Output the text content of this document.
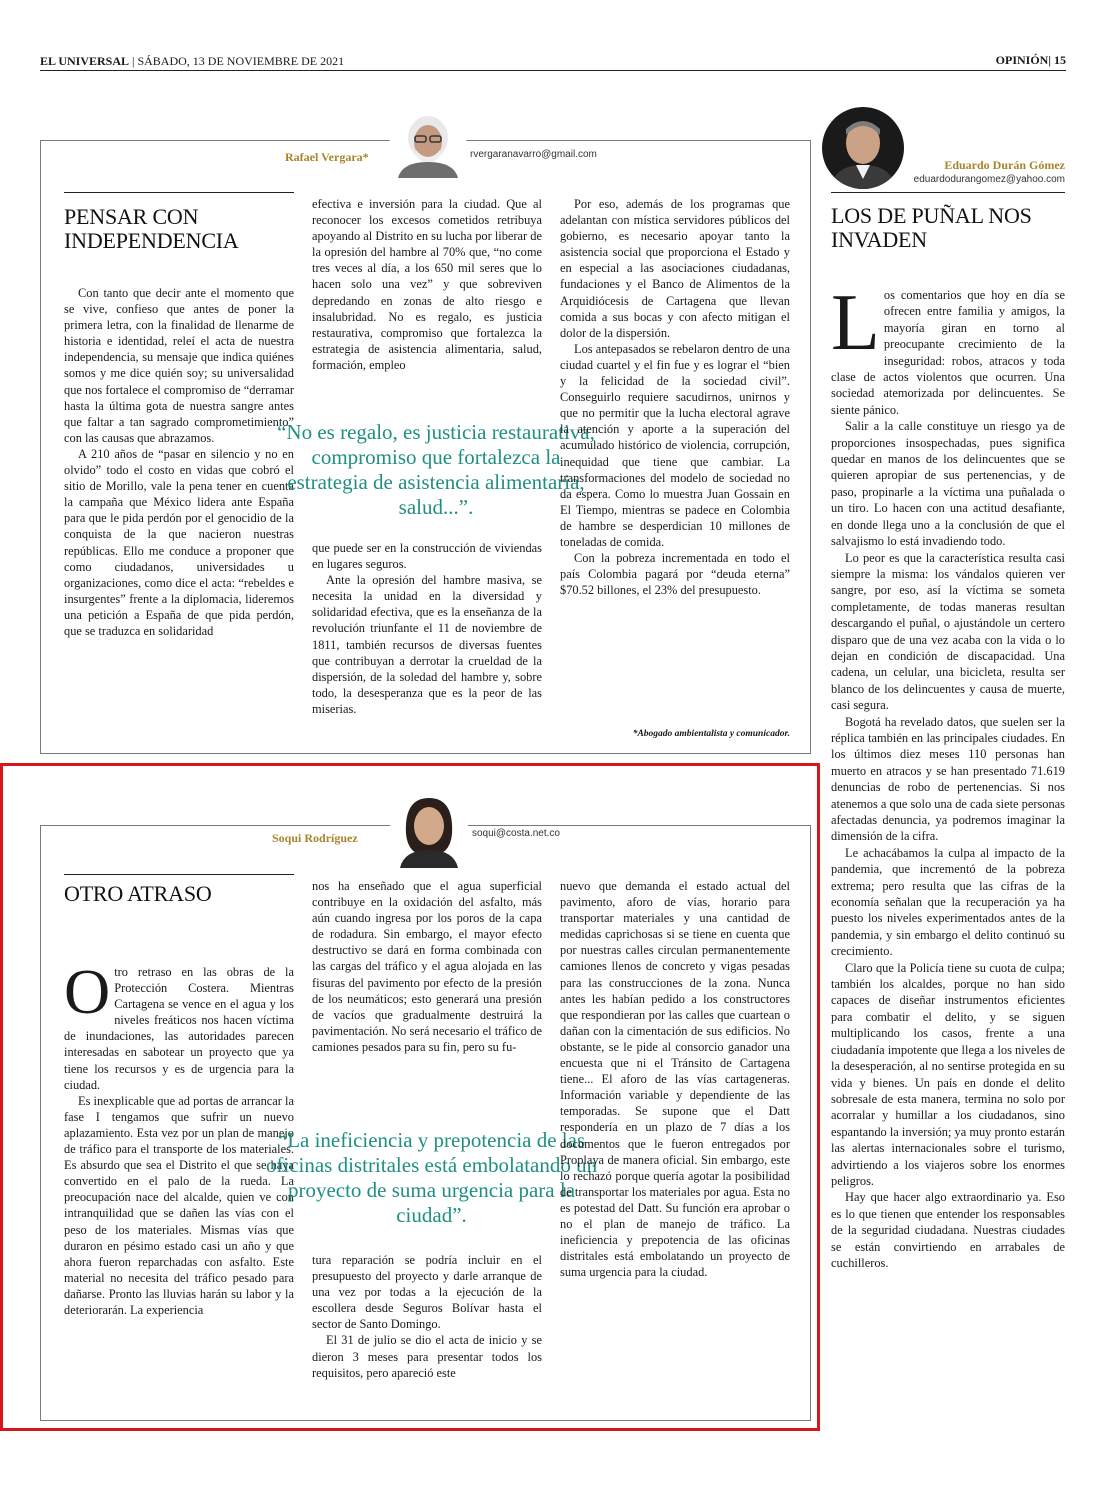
EL UNIVERSAL | SÁBADO, 13 DE NOVIEMBRE DE 2021	OPINIÓN| 15
Rafael Vergara*	rvergaranavarro@gmail.com
PENSAR CON INDEPENDENCIA

Con tanto que decir ante el momento que se vive, confieso que antes de poner la primera letra, con la finalidad de llenarme de historia e identidad, releí el acta de nuestra independencia, su mensaje que indica quiénes somos y me dice quién soy; su universalidad que nos fortalece el compromiso de “derramar hasta la última gota de nuestra sangre antes que faltar a tan sagrado comprometimiento” con las causas que abrazamos.

A 210 años de “pasar en silencio y no en olvido” todo el costo en vidas que cobró el sitio de Morillo, vale la pena tener en cuenta la campaña que México lidera ante España para que le pida perdón por el genocidio de la conquista de la que nacieron nuestras repúblicas. Ello me conduce a proponer que como ciudadanos, universidades u organizaciones, como dice el acta: “rebeldes e insurgentes” frente a la diplomacia, lideremos una petición a España de que pida perdón, que se traduzca en solidaridad

efectiva e inversión para la ciudad. Que al reconocer los excesos cometidos retribuya apoyando al Distrito en su lucha por liberar de la opresión del hambre al 70% que, “no come tres veces al día, a los 650 mil seres que lo hacen solo una vez” y que sobreviven depredando en zonas de alto riesgo e insalubridad. No es regalo, es justicia restaurativa, compromiso que fortalezca la estrategia de asistencia alimentaria, salud, formación, empleo

“No es regalo, es justicia restaurativa, compromiso que fortalezca la estrategia de asistencia alimentaria, salud...”.

que puede ser en la construcción de viviendas en lugares seguros.

Ante la opresión del hambre masiva, se necesita la unidad en la diversidad y solidaridad efectiva, que es la enseñanza de la revolución triunfante el 11 de noviembre de 1811, también recursos de diversas fuentes que contribuyan a derrotar la crueldad de la dispersión, de la soledad del hambre y, sobre todo, la desesperanza que es la peor de las miserias.

Por eso, además de los programas que adelantan con mística servidores públicos del gobierno, es necesario apoyar tanto la asistencia social que proporciona el Estado y en especial a las asociaciones ciudadanas, fundaciones y el Banco de Alimentos de la Arquidiócesis de Cartagena que llevan comida a sus bocas y con afecto mitigan el dolor de la dispersión.

Los antepasados se rebelaron dentro de una ciudad cuartel y el fin fue y es lograr el “bien y la felicidad de la sociedad civil”. Conseguirlo requiere sacudirnos, unirnos y que no permitir que la lucha electoral agrave la atención y aporte a la superación del acumulado histórico de violencia, corrupción, inequidad que tiene que cambiar. La transformaciones del modelo de sociedad no da espera. Como lo muestra Juan Gossain en El Tiempo, mientras se padece en Colombia de hambre se desperdician 10 millones de toneladas de comida.

Con la pobreza incrementada en todo el país Colombia pagará por “deuda eterna” $70.52 billones, el 23% del presupuesto.

*Abogado ambientalista y comunicador.
Eduardo Durán Gómez
eduardodurangomez@yahoo.com
LOS DE PUÑAL NOS INVADEN
L os comentarios que hoy en día se ofrecen entre familia y amigos, la mayoría giran en torno al preocupante crecimiento de la inseguridad: robos, atracos y toda clase de actos violentos que ocurren. Una sociedad atemorizada por delincuentes. Se siente pánico.

Salir a la calle constituye un riesgo ya de proporciones insospechadas, pues significa quedar en manos de los delincuentes que se quieren apropiar de sus pertenencias, y de paso, propinarle a la víctima una puñalada o un tiro. Lo hacen con una actitud desafiante, en donde llega uno a la conclusión de que el salvajismo lo está invadiendo todo.

Lo peor es que la característica resulta casi siempre la misma: los vándalos quieren ver sangre, por eso, así la víctima se someta completamente, de todas maneras resultan descargando el puñal, o ajustándole un certero disparo que de una vez acaba con la vida o lo dejan en condición de discapacidad. Una cadena, un celular, una bicicleta, resulta ser blanco de los delincuentes y causa de muerte, casi segura.

Bogotá ha revelado datos, que suelen ser la réplica también en las principales ciudades. En los últimos diez meses 110 personas han muerto en atracos y se han presentado 71.619 denuncias de robo de pertenencias. Si nos atenemos a que solo una de cada siete personas afectadas denuncia, ya podremos imaginar la dimensión de la cifra.

Le achacábamos la culpa al impacto de la pandemia, que incrementó de la pobreza extrema; pero resulta que las cifras de la economía señalan que la recuperación ya ha puesto los niveles experimentados antes de la pandemia, y sin embargo el delito continuó su crecimiento.

Claro que la Policía tiene su cuota de culpa; también los alcaldes, porque no han sido capaces de diseñar instrumentos eficientes para combatir el delito, y se siguen multiplicando los casos, frente a una ciudadanía impotente que llega a los niveles de la desesperación, al no sentirse protegida en su vida y bienes. Un país en donde el delito sobresale de esta manera, termina no solo por acorralar y humillar a los ciudadanos, sino espantando la inversión; ya muy pronto estarán las alertas internacionales sobre el turismo, advirtiendo a los viajeros sobre los enormes peligros.

Hay que hacer algo extraordinario ya. Eso es lo que tienen que entender los responsables de la seguridad ciudadana. Nuestras ciudades se están convirtiendo en arrabales de cuchilleros.

Soqui Rodríguez	soqui@costa.net.co
OTRO ATRASO
O tro retraso en las obras de la Protección Costera. Mientras Cartagena se vence en el agua y los niveles freáticos nos hacen víctima de inundaciones, las autoridades parecen interesadas en sabotear un proyecto que ya tiene los recursos y es de urgencia para la ciudad.

Es inexplicable que ad portas de arrancar la fase I tengamos que sufrir un nuevo aplazamiento. Esta vez por un plan de manejo de tráfico para el transporte de los materiales. Es absurdo que sea el Distrito el que se haya convertido en el palo de la rueda. La preocupación nace del alcalde, quien ve con intranquilidad que se dañen las vías con el peso de los materiales. Mismas vías que duraron en pésimo estado casi un año y que ahora fueron reparchadas con asfalto. Este material no necesita del tráfico pesado para dañarse. Pronto las lluvias harán su labor y la deteriorarán. La experiencia

nos ha enseñado que el agua superficial contribuye en la oxidación del asfalto, más aún cuando ingresa por los poros de la capa de rodadura. Sin embargo, el mayor efecto destructivo se dará en forma combinada con las cargas del tráfico y el agua alojada en las fisuras del pavimento por efecto de la presión de los neumáticos; esto generará una presión de vacíos que gradualmente destruirá la pavimentación. No será necesario el tráfico de camiones pesados para su fin, pero su fu-

“La ineficiencia y prepotencia de las oficinas distritales está embolatando un proyecto de suma urgencia para la ciudad”.

tura reparación se podría incluir en el presupuesto del proyecto y darle arranque de una vez por todas a la ejecución de la escollera desde Seguros Bolívar hasta el sector de Santo Domingo.

El 31 de julio se dio el acta de inicio y se dieron 3 meses para presentar todos los requisitos, pero apareció este

nuevo que demanda el estado actual del pavimento, aforo de vías, horario para transportar materiales y una cantidad de medidas caprichosas si se tiene en cuenta que por nuestras calles circulan permanentemente camiones llenos de concreto y vigas pesadas para las construcciones de la zona. Nunca antes les habían pedido a los constructores que respondieran por las calles que cuartean o dañan con la cimentación de sus edificios. No obstante, se le pide al consorcio ganador una encuesta que ni el Tránsito de Cartagena tiene... El aforo de las vías cartageneras. Información variable y dependiente de las temporadas. Se supone que el Datt respondería en un plazo de 7 días a los documentos que le fueron entregados por Proplaya de manera oficial. Sin embargo, este lo rechazó porque quería agotar la posibilidad de transportar los materiales por agua. Esta no es potestad del Datt. Su función era aprobar o no el plan de manejo de tráfico. La ineficiencia y prepotencia de las oficinas distritales está embolatando un proyecto de suma urgencia para la ciudad.
